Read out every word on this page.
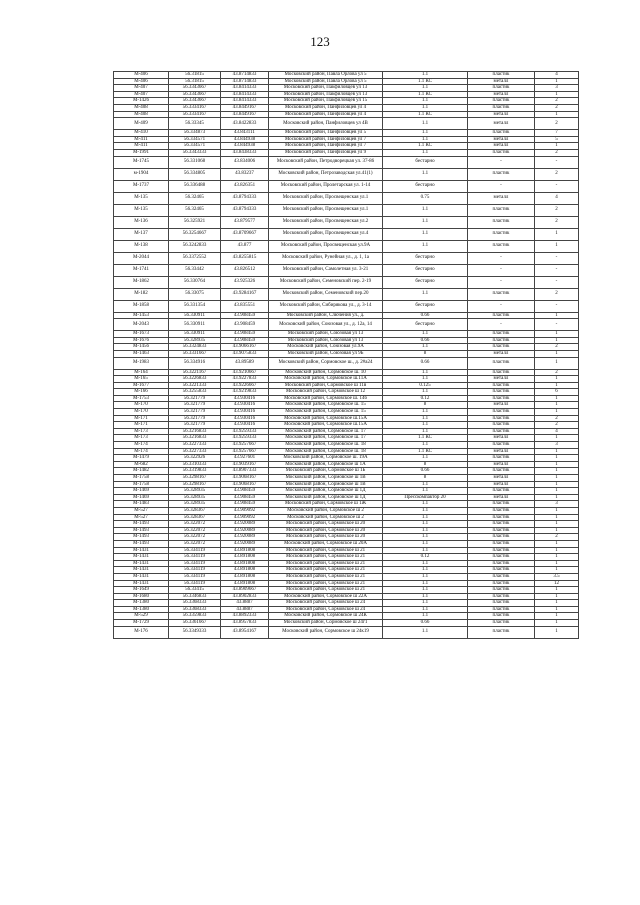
123
М-406	56.31815	43.8714833	Московский район, Павла Орлова ул 5	1.1	пластик	4
М-406	56.31815	43.8714833	Московский район, Павла Орлова ул 5	1.1 КС	металл	1
М-407	56.3343667	43.8414333	Московский район, Пакфиловцев ул 13	1.1	пластик	3
М-407	56.3343667	43.8414333	Московский район, Пакфиловцев ул 13	1.1 КС	металл	1
М-1426	56.3343667	43.8414333	Московский район, Пакфиловцев ул 15	1.1	пластик	2
М-408	56.3334167	43.8449167	Московский район, Панфиловцев ул 4	1.1	пластик	2
М-408	56.3334167	43.8449167	Московский район, Панфиловцев ул 4	1.1 КС	металл	1
М-409	56.33345	43.8422833	Московский район, Панфиловцев ул 4В	1.1	металл	2
М-410	56.334873	43.843111	Московский район, Панфиловцев ул 5	1.1	пластик	7
М-411	56.334571	43.844938	Московский район, Панфиловцев ул 7	1.1	металл	5
М-411	56.334571	43.844938	Московский район, Панфиловцев ул 7	1.1 КС	металл	1
М-1991	56.3343333	43.8438333	Московский район, Панфиловцев ул 9	1.1	пластик	2
М-1745	56.331068	43.834006	Московский район, Петродворецкая ул. 37-86	бестарно	-	-
м-1904	56.334805	43.83237	Московский район, Петрозаводская ул.41(1)	1.1	пластик	2
М-1737	56.336488	43.826351	Московский район, Пролетарская ул. 1-14	бестарно	-	-
М-135	56.32465	43.8794333	Московский район, Просвещенская ул.1	0.75	металл	4
М-135	56.32465	43.8794333	Московский район, Просвещенская ул.1	1.1	пластик	2
М-136	56.325921	43.879577	Московский район, Просвещенская ул.2	1.1	пластик	2
М-137	56.3254667	43.8709667	Московский район, Просвещенская ул.4	1.1	пластик	1
М-138	56.3242833	43.877	Московский район, Просвещенская ул.9А	1.1	пластик	1
М-2044	56.3372552	43.8255815	Московский район, Рунейная ул., д. 1, 1а	бестарно	-	-
М-1741	56.33442	43.826512	Московский район, Самолетная ул. 3-21	бестарно	-	-
М-1862	56.330764	43.925326	Московский район, Семеновский пер. 2-19	бестарно	-	-
М-182	56.33075	43.9284167	Московский район, Семеновский пер.20	1.1	пластик	2
М-1858	56.331354	43.835551	Московский район, Сибирякова ул., д. 3-14	бестарно	-	-
М-1453	56.330911	43.908459	Московский район, Слючения ул., д.	0.66	пластик	1
М-2043	56.330911	43.908459	Московский район, Союзовая ул., д. 12а, 14	бестарно	-	-
М-1673	56.330911	43.908459	Московский район, Союзовая ул 13	1.1	пластик	1
М-1676	56.328935	43.908459	Московский район, Союзовая ул 13	0.66	пластик	1
М-1456	56.3324833	43.9066167	Московский район, Союзовая ул.9А	1.1	пластик	2
М-1463	56.3331667	43.9075833	Московский район, Союзовая ул 9Б	8	металл	1
М-1983	56.334916	43.89589	Московский район, Сормовское ш., д. 2#a24	0.66	пластик	1
М-164	56.3221167	43.9210667	Московский район, Сормовское ш. 10	1.1	пластик	2
М-165	56.3226833	43.9227833	Московский район, Сормовское ш.11А	1.1	металл	1
М-1677	56.3221333	43.9226667	Московский район, Сормовское ш 11в	0.125	пластик	1
М-166	56.3255833	43.9219833	Московский район, Сормовское ш 12	1.1	пластик	6
М-1753	56.321779	43.930416	Московский район, Сормовское ш. 14б	0.12	пластик	1
М-170	56.321779	43.930416	Московский район, Сормовское ш. 15	8	металл	1
М-170	56.321779	43.930416	Московский район, Сормовское ш. 15	1.1	пластик	1
М-171	56.321779	43.930416	Московский район, Сормовское ш.15А	1.1	пластик	2
М-171	56.321779	43.930416	Московский район, Сормовское ш.15А	1.1	пластик	2
М-173	56.3216833	43.9259333	Московский район, Сормовское ш. 17	1.1	пластик	4
М-173	56.3216833	43.9259333	Московский район, Сормовское ш. 17	1.1 КС	металл	1
М-174	56.3227333	43.9257667	Московский район, Сормовское ш. 18	1.1	пластик	3
М-174	56.3227333	43.9257667	Московский район, Сормовское ш. 18	1.1 КС	металл	1
М-1479	56.322926	43.927601	Московский район, Сормовское ш. 19А	1.1	пластик	1
М-682	56.3310333	43.9039167	Московский район, Сормовское ш 1А	8	металл	1
М-1482	56.3319833	43.8907333	Московский район, Сормовское ш 1Б	0.66	пластик	1
М-1758	56.3298167	43.9068167	Московский район, Сормовское ш 1В	8	металл	1
М-1758	56.3298167	43.9068167	Московский район, Сормовское ш 1В	1.1	металл	1
М-1469	56.328935	43.908459	Московский район, Сормовское ш 1Д	1.1	пластик	1
М-1469	56.328935	43.908459	Московский район, Сормовское ш 1Д	Пресскомпактор 20	металл	1
М-1483	56.328935	43.908459	Московский район, Сормовское ш 1Ж	1.1	пластик	3
М-527	56.328367	43.909092	Московский район, Сормовское ш 2	1.1	пластик	1
М-527	56.328367	43.909092	Московский район, Сормовское ш 2	1.1	пластик	1
М-1493	56.322072	43.920089	Московский район, Сормовское ш 20	1.1	пластик	1
М-1493	56.322072	43.920089	Московский район, Сормовское ш 20	1.1	пластик	1
М-1493	56.322072	43.920089	Московский район, Сормовское ш 20	1.1	пластик	2
М-1493	56.322072	43.920089	Московский район, Сормовское ш 20А	1.1	пластик	1
М-1431	56.334119	43.891808	Московский район, Сормовское ш 21	1.1	пластик	1
М-1431	56.334119	43.891808	Московский район, Сормовское ш 21	0.12	пластик	1
М-1431	56.334119	43.891808	Московский район, Сормовское ш 21	1.1	пластик	1
М-1431	56.334119	43.891808	Московский район, Сормовское ш 21	1.1	пластик	1
М-1431	56.334119	43.891808	Московский район, Сормовское ш 21	1.1	пластик	3.5
М-1431	56.334119	43.891808	Московский район, Сормовское ш 21	1.1	пластик	12
М-1649	56.33415	43.8909667	Московский район, Сормовское ш 21	1.1	пластик	1
М-1680	56.3346833	43.8902833	Московский район, Сормовское ш 22А	1.1	пластик	1
М-1380	56.3368333	43.8887	Московский район, Сормовское ш 24	1.1	пластик	1
М-1380	56.3368333	43.8887	Московский район, Сормовское ш 24	1.1	пластик	1
М-529	56.3359833	43.8892333	Московский район, Сормовское ш 24К	1.1	пластик	1
М-1729	56.3361667	43.8957833	Московский район, Сормовское ш 24г1	0.66	пластик	1
М-176	56.3349333	43.8954167	Московский район, Сормовское ш 24к19	1.1	пластик	1
